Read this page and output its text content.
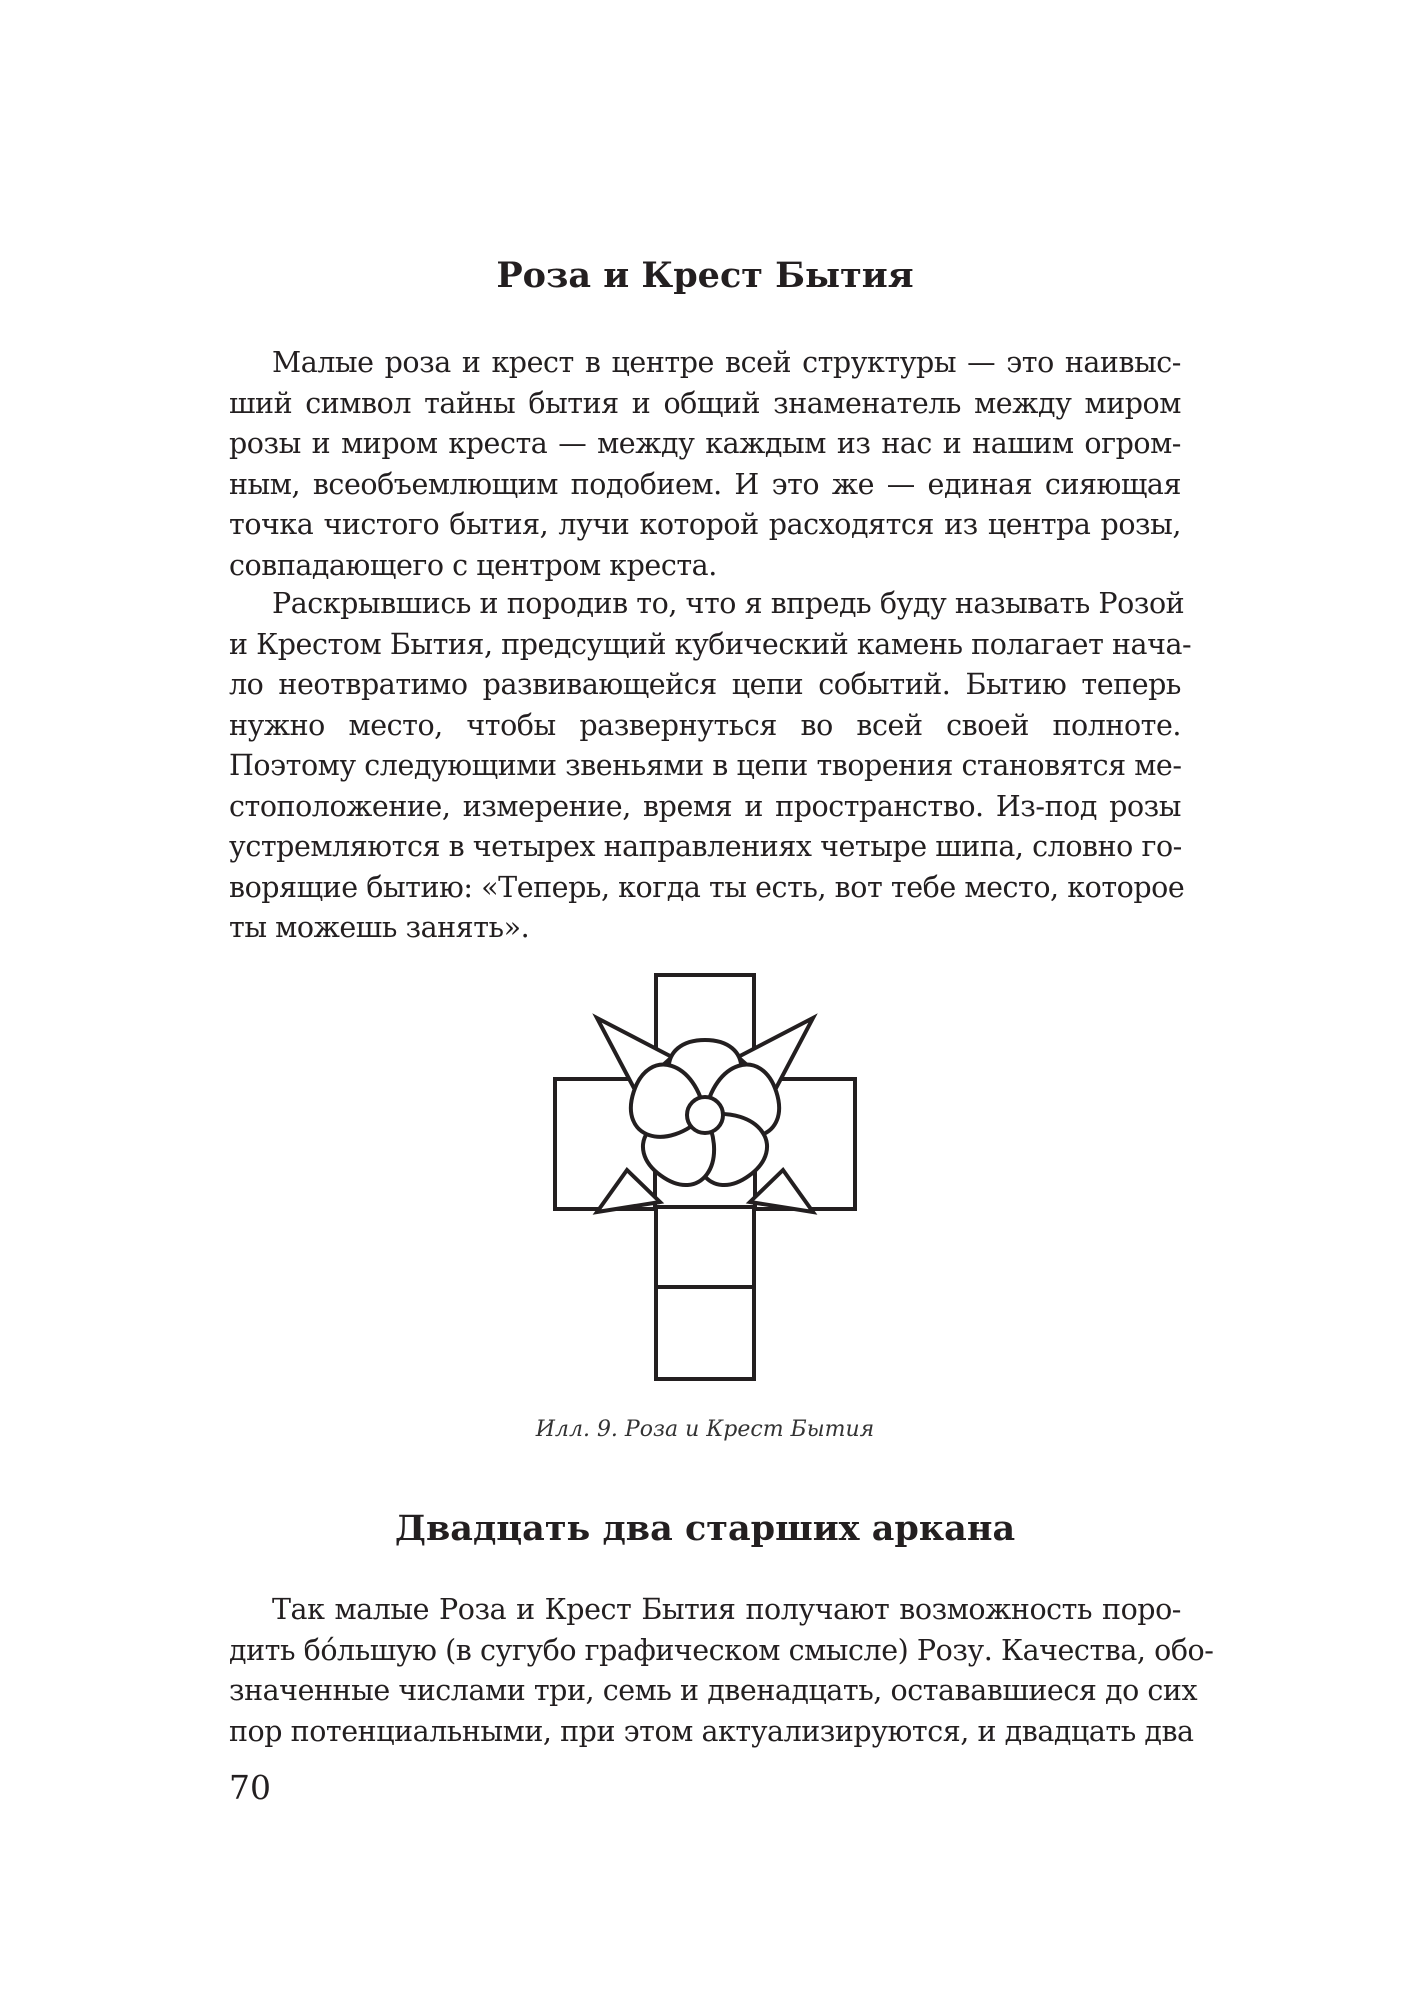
Роза и Крест Бытия
Малые роза и крест в центре всей структуры — это наивыс-
ший символ тайны бытия и общий знаменатель между миром
розы и миром креста — между каждым из нас и нашим огром-
ным, всеобъемлющим подобием. И это же — единая сияющая
точка чистого бытия, лучи которой расходятся из центра розы,
совпадающего с центром креста.
Раскрывшись и породив то, что я впредь буду называть Розой
и Крестом Бытия, предсущий кубический камень полагает нача-
ло неотвратимо развивающейся цепи событий. Бытию теперь
нужно место, чтобы развернуться во всей своей полноте.
Поэтому следующими звеньями в цепи творения становятся ме-
стоположение, измерение, время и пространство. Из-под розы
устремляются в четырех направлениях четыре шипа, словно го-
ворящие бытию: «Теперь, когда ты есть, вот тебе место, которое
ты можешь занять».

Илл. 9. Роза и Крест Бытия

Двадцать два старших аркана
Так малые Роза и Крест Бытия получают возможность поро-
дить бóльшую (в сугубо графическом смысле) Розу. Качества, обо-
значенные числами три, семь и двенадцать, остававшиеся до сих
пор потенциальными, при этом актуализируются, и двадцать два

70
